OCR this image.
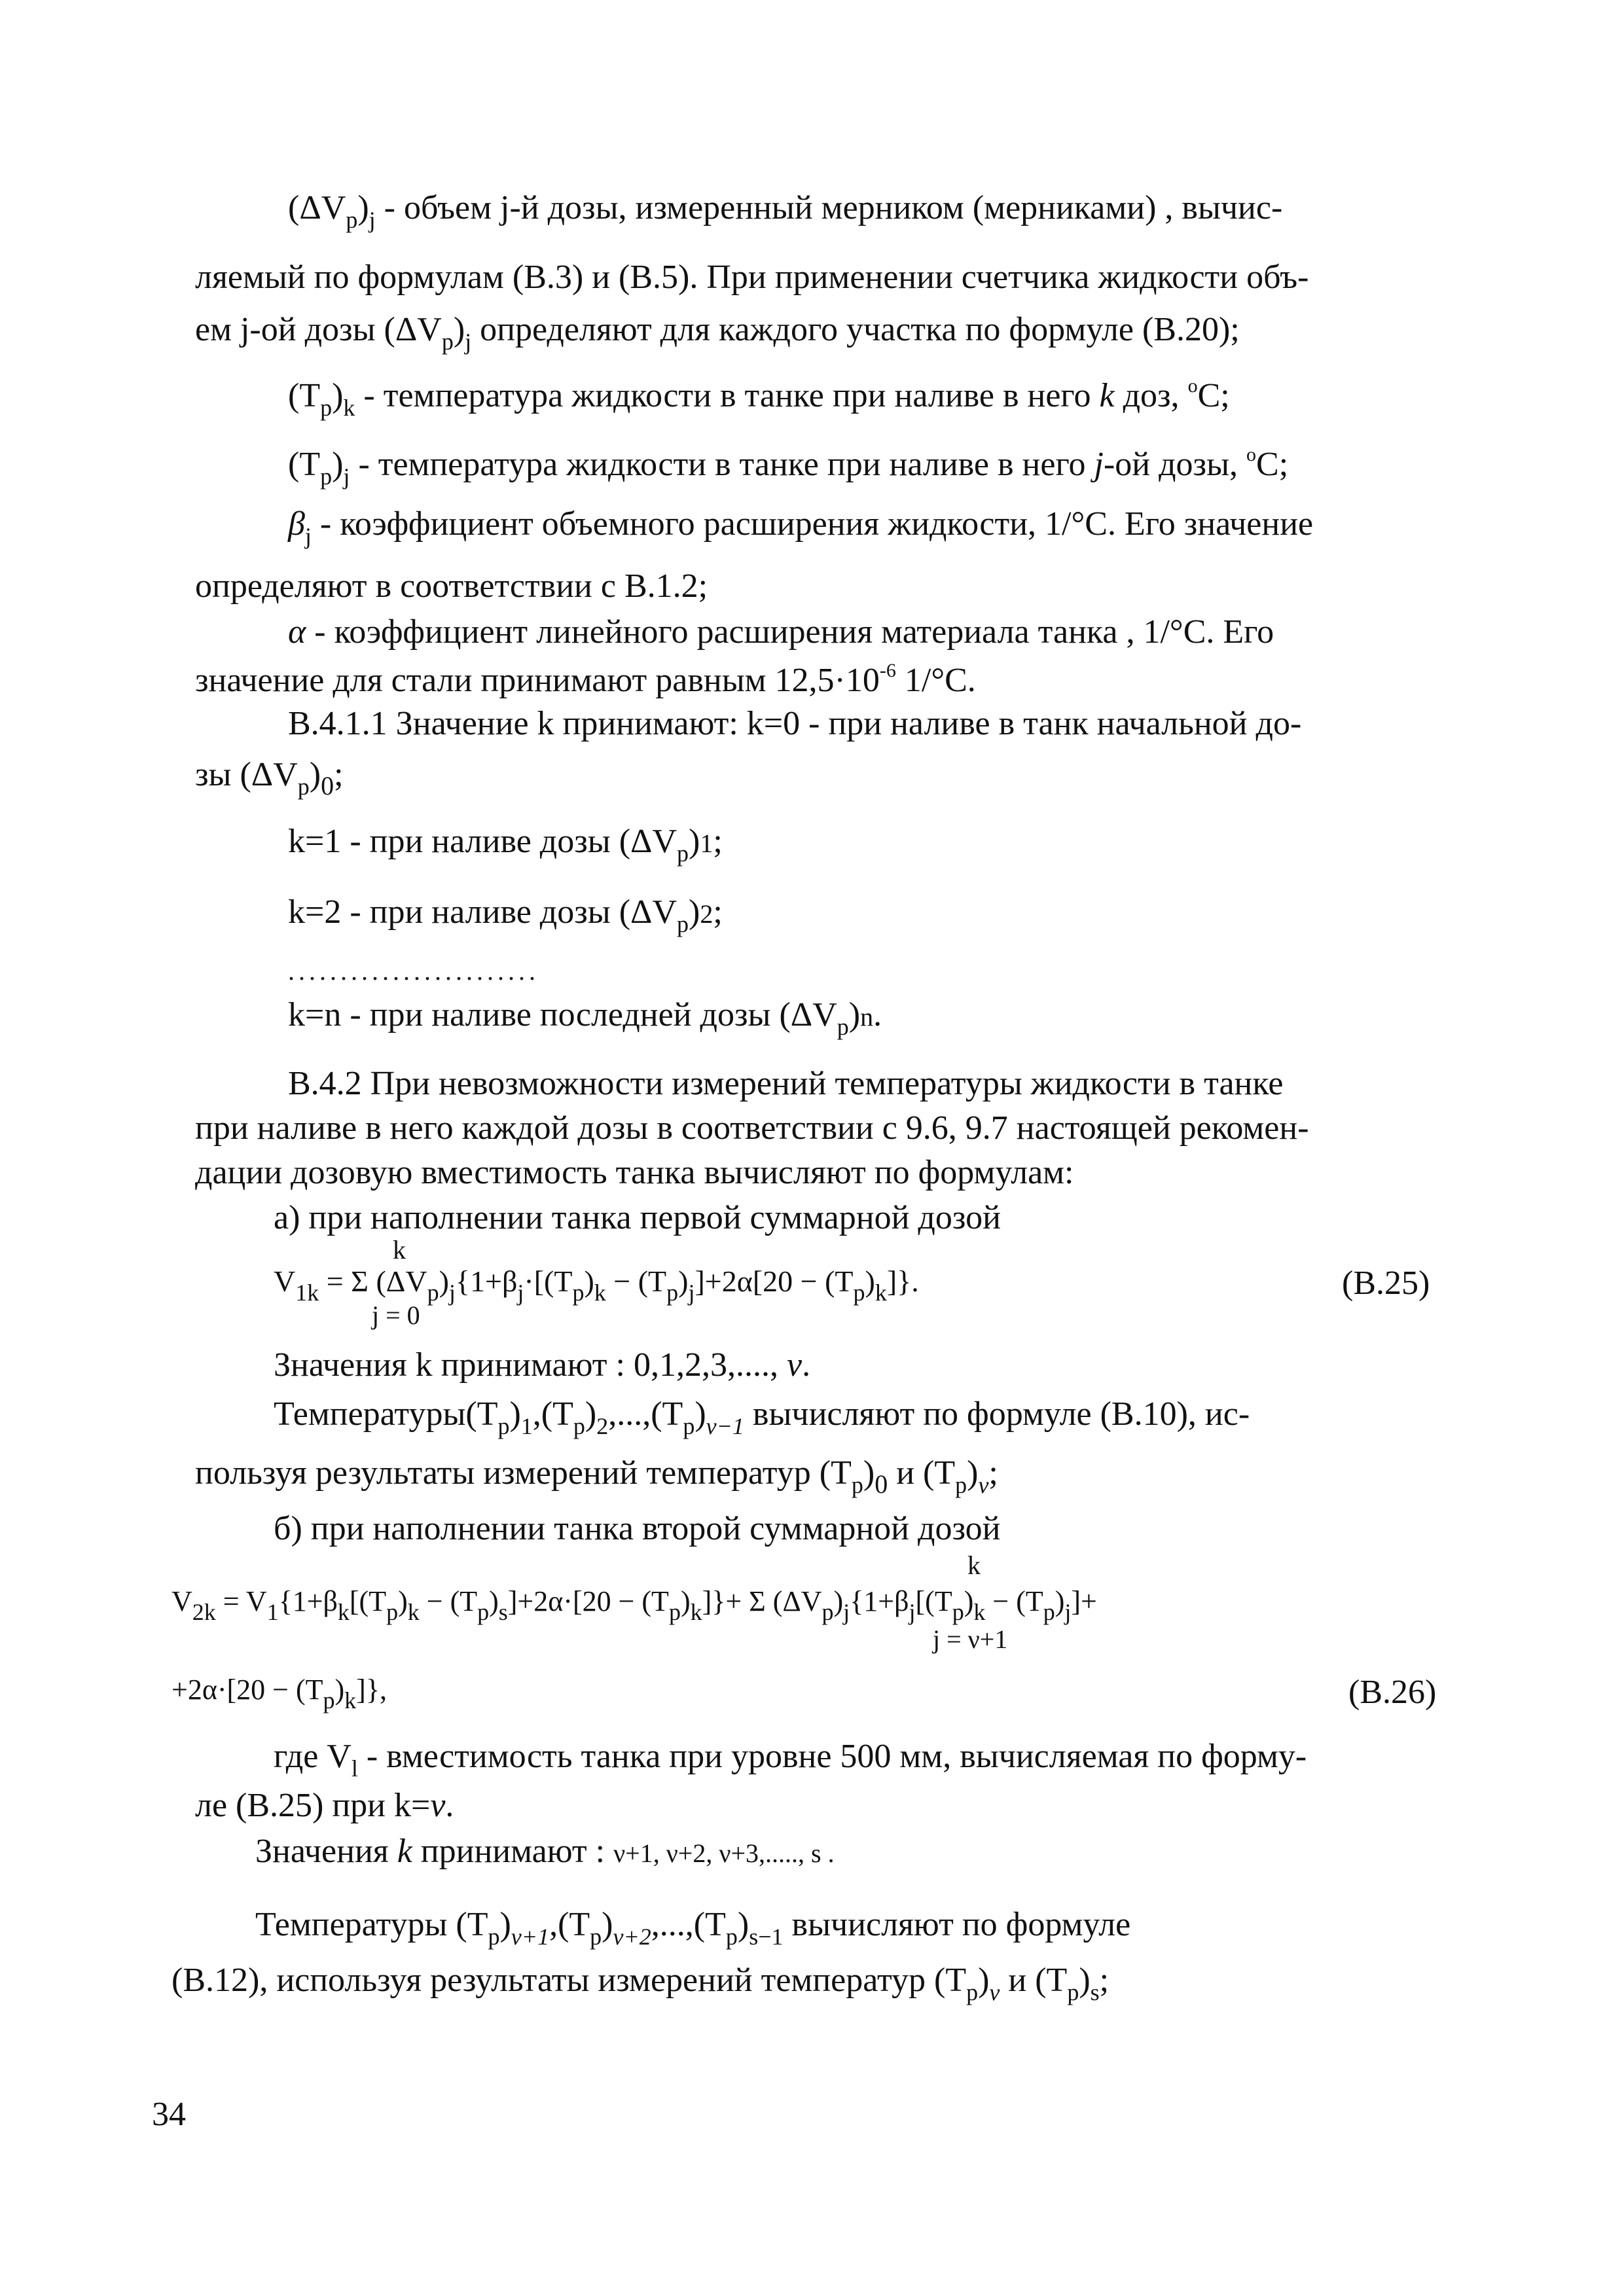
$(\Delta V_p)_j$ - объем j-й дозы, измеренный мерником (мерниками) , вычис-
ляемый по формулам (В.3) и (В.5). При применении счетчика жидкости объ-
ем j-ой дозы $(\Delta V_p)_j$ определяют для каждого участка по формуле (В.20);
$(T_p)_k$ - температура жидкости в танке при наливе в него k доз, $^o$C;
$(T_p)_j$ - температура жидкости в танке при наливе в него j-ой дозы, $^o$C;
$\beta_j$ - коэффициент объемного расширения жидкости, 1/°С. Его значение
определяют в соответствии с В.1.2;
α - коэффициент линейного расширения материала танка , 1/°С. Его
значение для стали принимают равным $12,5\cdot 10^{-6}$ 1/°С.
В.4.1.1 Значение k принимают: k=0 - при наливе в танк начальной до-
зы $(\Delta V_p)_0$;
k=1 - при наливе дозы $(\Delta V_p)1$;
k=2 - при наливе дозы $(\Delta V_p)2$;
........................
k=n - при наливе последней дозы $(\Delta V_p)n$.
В.4.2 При невозможности измерений температуры жидкости в танке
при наливе в него каждой дозы в соответствии с 9.6, 9.7 настоящей рекомен-
дации дозовую вместимость танка вычисляют по формулам:
а) при наполнении танка первой суммарной дозой
k
$V_{1k} = \Sigma$ $(\Delta V_p)_j\{1+\beta_j\cdot[(T_p)_k - (T_p)_j]+2\alpha[20 - (T_p)_k]\}$.
j = 0
(В.25)
Значения k принимают : 0,1,2,3,...., ν.
$Температуры(T_p)_1,(T_p)_2,...,(T_p)_{\nu-1}$ вычисляют по формуле (В.10), ис-
пользуя результаты измерений температур $(T_p)_0$ и $(T_p)_\nu$;
б) при наполнении танка второй суммарной дозой
k
$V_{2k} = V_1\{1+\beta_k[(T_p)_k - (T_p)_s]+2\alpha\cdot[20 - (T_p)_k]\}+ \Sigma$ $(\Delta V_p)_j\{1+\beta_j[(T_p)_k - (T_p)_j]+$
j = ν+1
$+2\alpha\cdot[20 - (T_p)_k]$},	(В.26)
где $V_l$ - вместимость танка при уровне 500 мм, вычисляемая по форму-
ле (В.25) при k=ν.
Значения k принимают : ν+1, ν+2, ν+3,....., s .
Температуры $(T_p)_{\nu+1},(T_p)_{\nu+2},...,(T_p)_{s-1}$ вычисляют по формуле
(В.12), используя результаты измерений температур $(T_p)_\nu$ и $(T_p)_s$;
34
